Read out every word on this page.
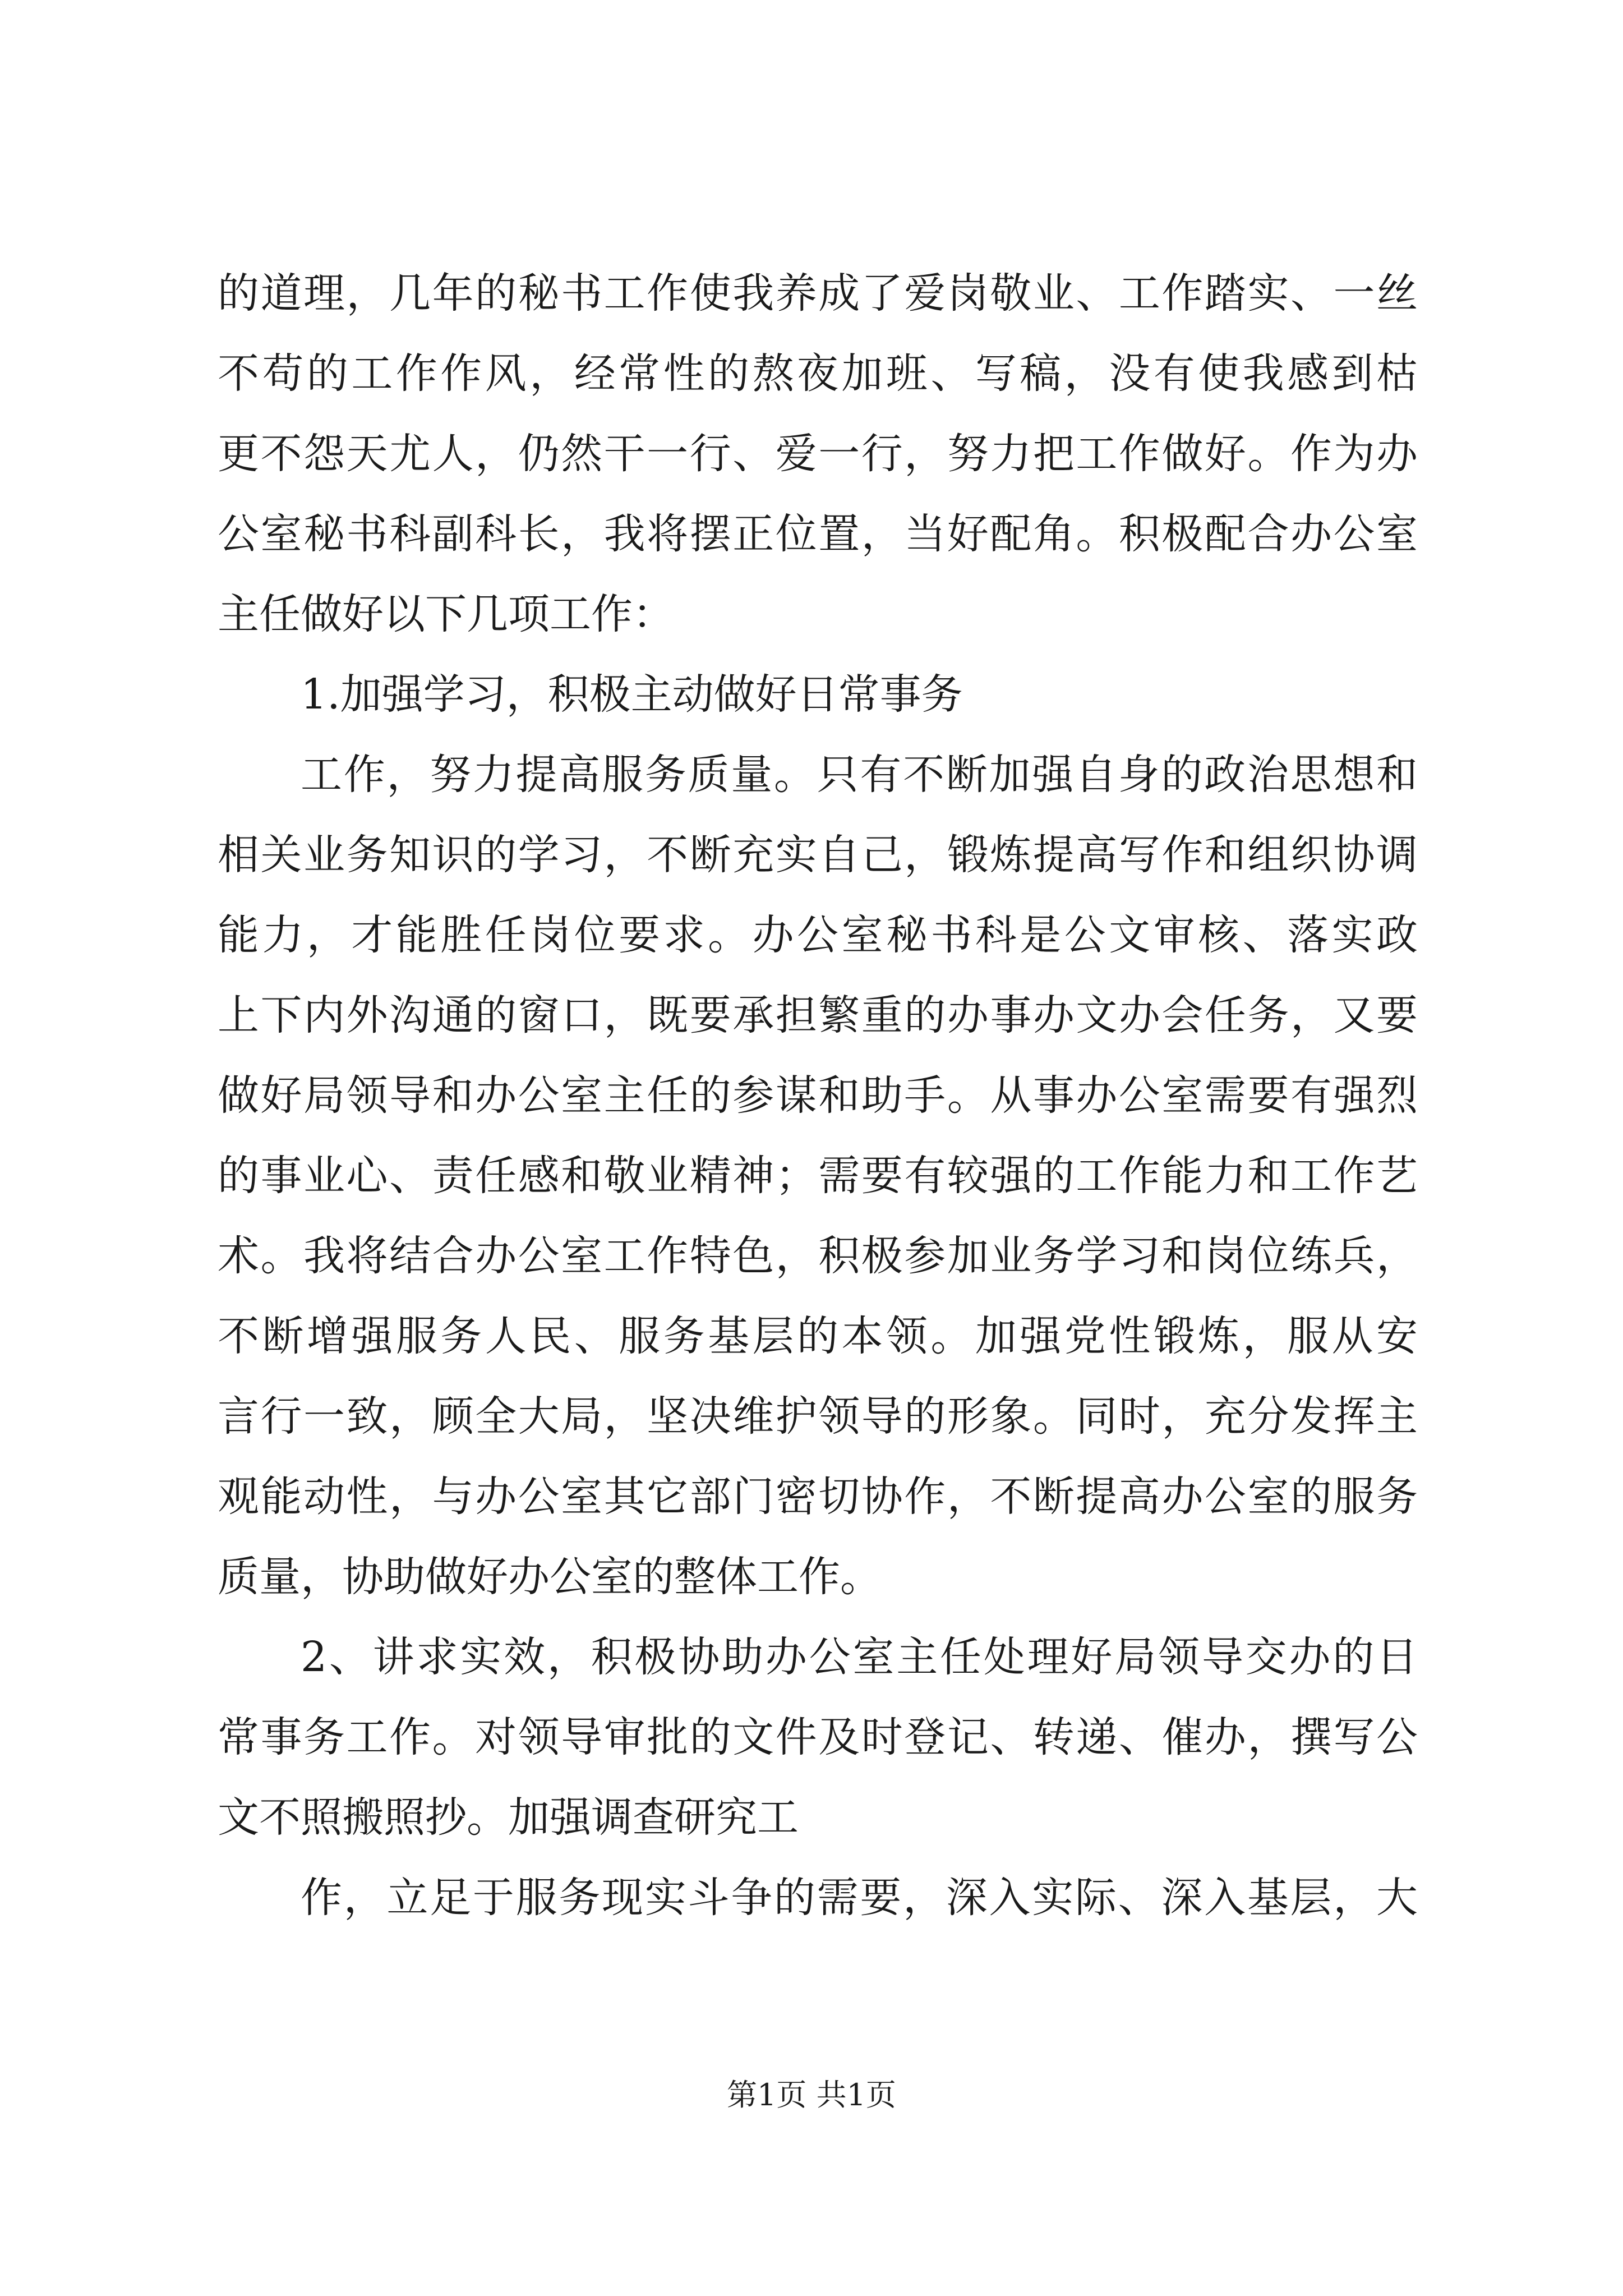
的道理，几年的秘书工作使我养成了爱岗敬业、工作踏实、一丝
不苟的工作作风，经常性的熬夜加班、写稿，没有使我感到枯
更不怨天尤人，仍然干一行、爱一行，努力把工作做好。作为办
公室秘书科副科长，我将摆正位置，当好配角。积极配合办公室
主任做好以下几项工作：
1.加强学习，积极主动做好日常事务
工作，努力提高服务质量。只有不断加强自身的政治思想和
相关业务知识的学习，不断充实自己，锻炼提高写作和组织协调
能力，才能胜任岗位要求。办公室秘书科是公文审核、落实政
上下内外沟通的窗口，既要承担繁重的办事办文办会任务，又要
做好局领导和办公室主任的参谋和助手。从事办公室需要有强烈
的事业心、责任感和敬业精神；需要有较强的工作能力和工作艺
术。我将结合办公室工作特色，积极参加业务学习和岗位练兵，
不断增强服务人民、服务基层的本领。加强党性锻炼，服从安
言行一致，顾全大局，坚决维护领导的形象。同时，充分发挥主
观能动性，与办公室其它部门密切协作，不断提高办公室的服务
质量，协助做好办公室的整体工作。
2、讲求实效，积极协助办公室主任处理好局领导交办的日
常事务工作。对领导审批的文件及时登记、转递、催办，撰写公
文不照搬照抄。加强调查研究工
作，立足于服务现实斗争的需要，深入实际、深入基层，大
第1页 共1页
